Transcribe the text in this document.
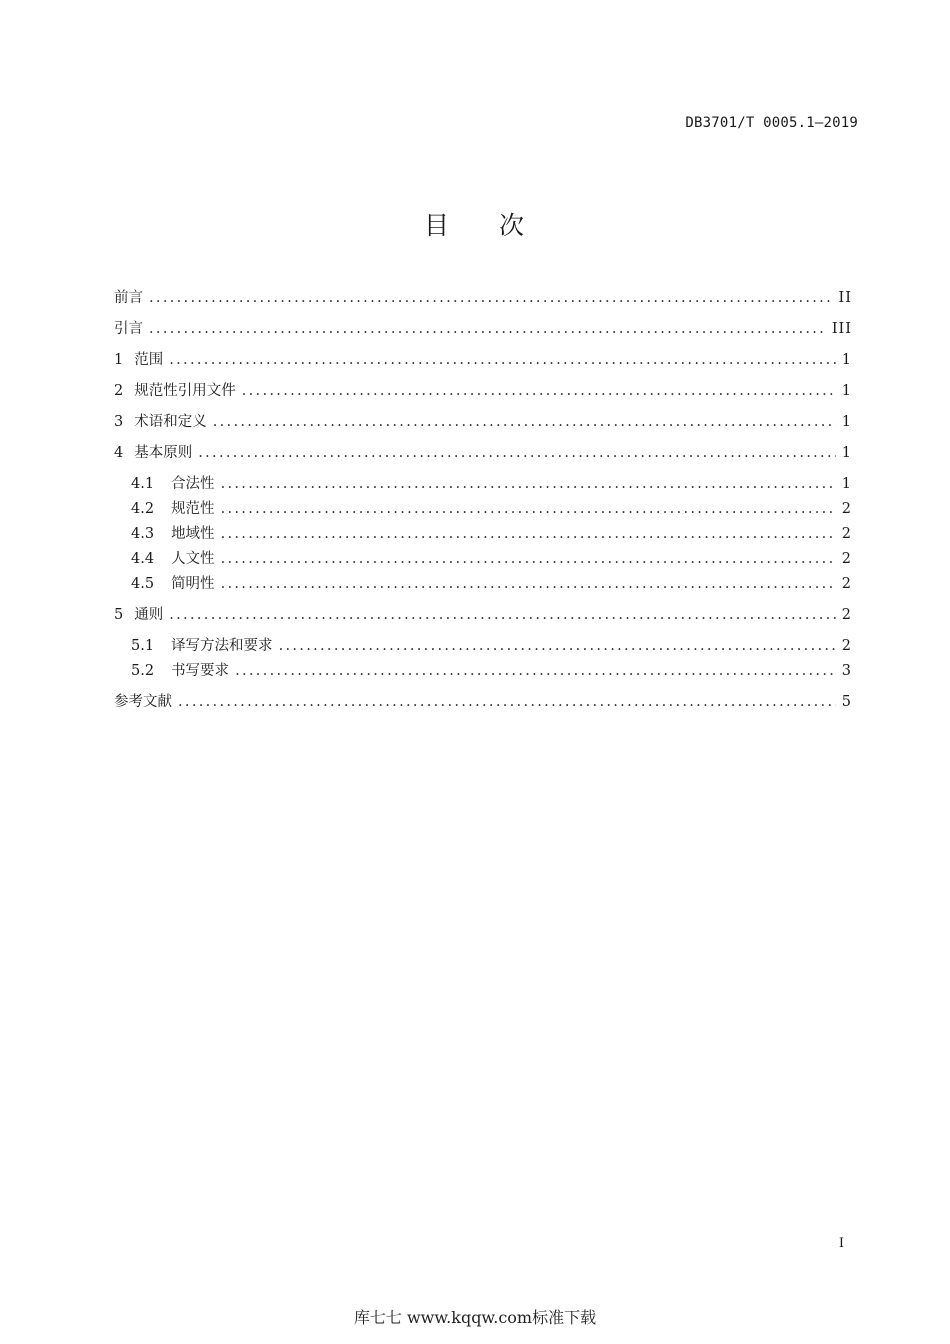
DB3701/T 0005.1—2019
目 次
前言 .....	II
引言 .....	III
1 范围 .....	1
2 规范性引用文件 .....	1
3 术语和定义 .....	1
4 基本原则 .....	1
4.1 合法性 .....	1
4.2 规范性 .....	2
4.3 地域性 .....	2
4.4 人文性 .....	2
4.5 简明性 .....	2
5 通则 .....	2
5.1 译写方法和要求 .....	2
5.2 书写要求 .....	3
参考文献 .....	5
I
库七七 www.kqqw.com标准下载
